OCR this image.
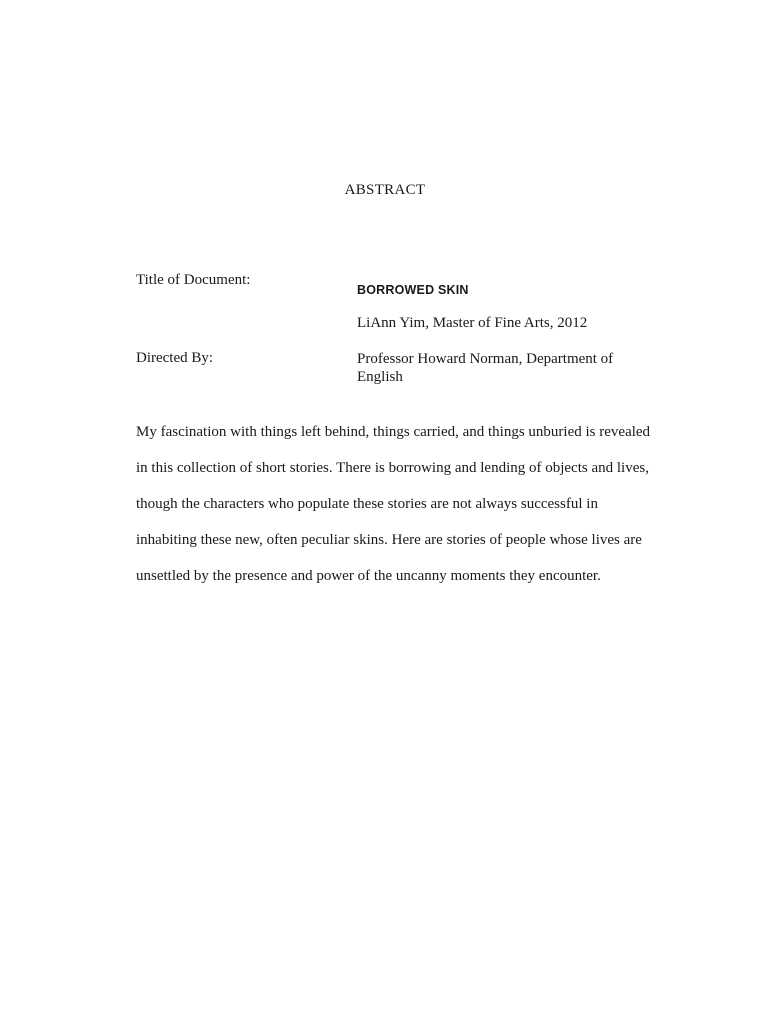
ABSTRACT
Title of Document:
BORROWED SKIN
LiAnn Yim, Master of Fine Arts, 2012
Directed By:	Professor Howard Norman, Department of
English
My fascination with things left behind, things carried, and things unburied is revealed
in this collection of short stories. There is borrowing and lending of objects and lives,
though the characters who populate these stories are not always successful in
inhabiting these new, often peculiar skins. Here are stories of people whose lives are
unsettled by the presence and power of the uncanny moments they encounter.
